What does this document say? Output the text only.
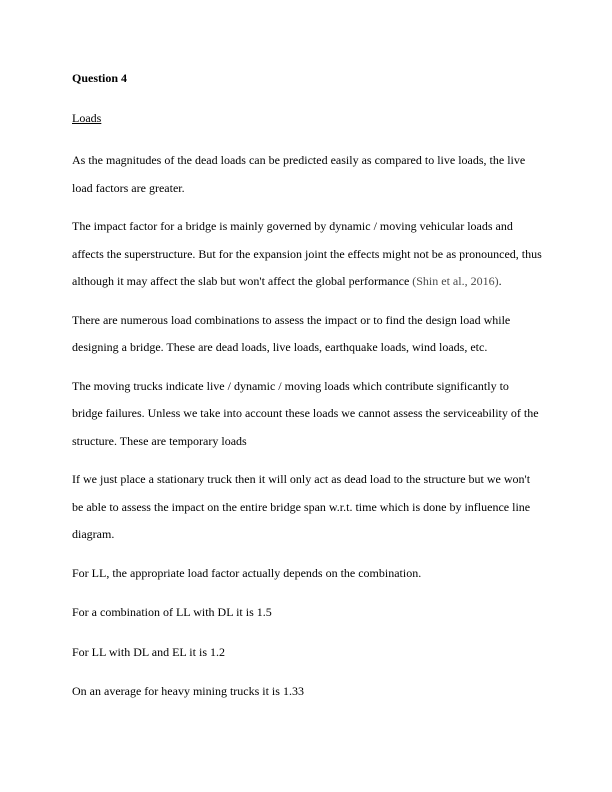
Question 4
Loads

As the magnitudes of the dead loads can be predicted easily as compared to live loads, the live load factors are greater.

The impact factor for a bridge is mainly governed by dynamic / moving vehicular loads and affects the superstructure. But for the expansion joint the effects might not be as pronounced, thus although it may affect the slab but won't affect the global performance (Shin et al., 2016).

There are numerous load combinations to assess the impact or to find the design load while designing a bridge. These are dead loads, live loads, earthquake loads, wind loads, etc.

The moving trucks indicate live / dynamic / moving loads which contribute significantly to bridge failures. Unless we take into account these loads we cannot assess the serviceability of the structure. These are temporary loads

If we just place a stationary truck then it will only act as dead load to the structure but we won't be able to assess the impact on the entire bridge span w.r.t. time which is done by influence line diagram.

For LL, the appropriate load factor actually depends on the combination.

For a combination of LL with DL it is 1.5

For LL with DL and EL it is 1.2

On an average for heavy mining trucks it is 1.33
